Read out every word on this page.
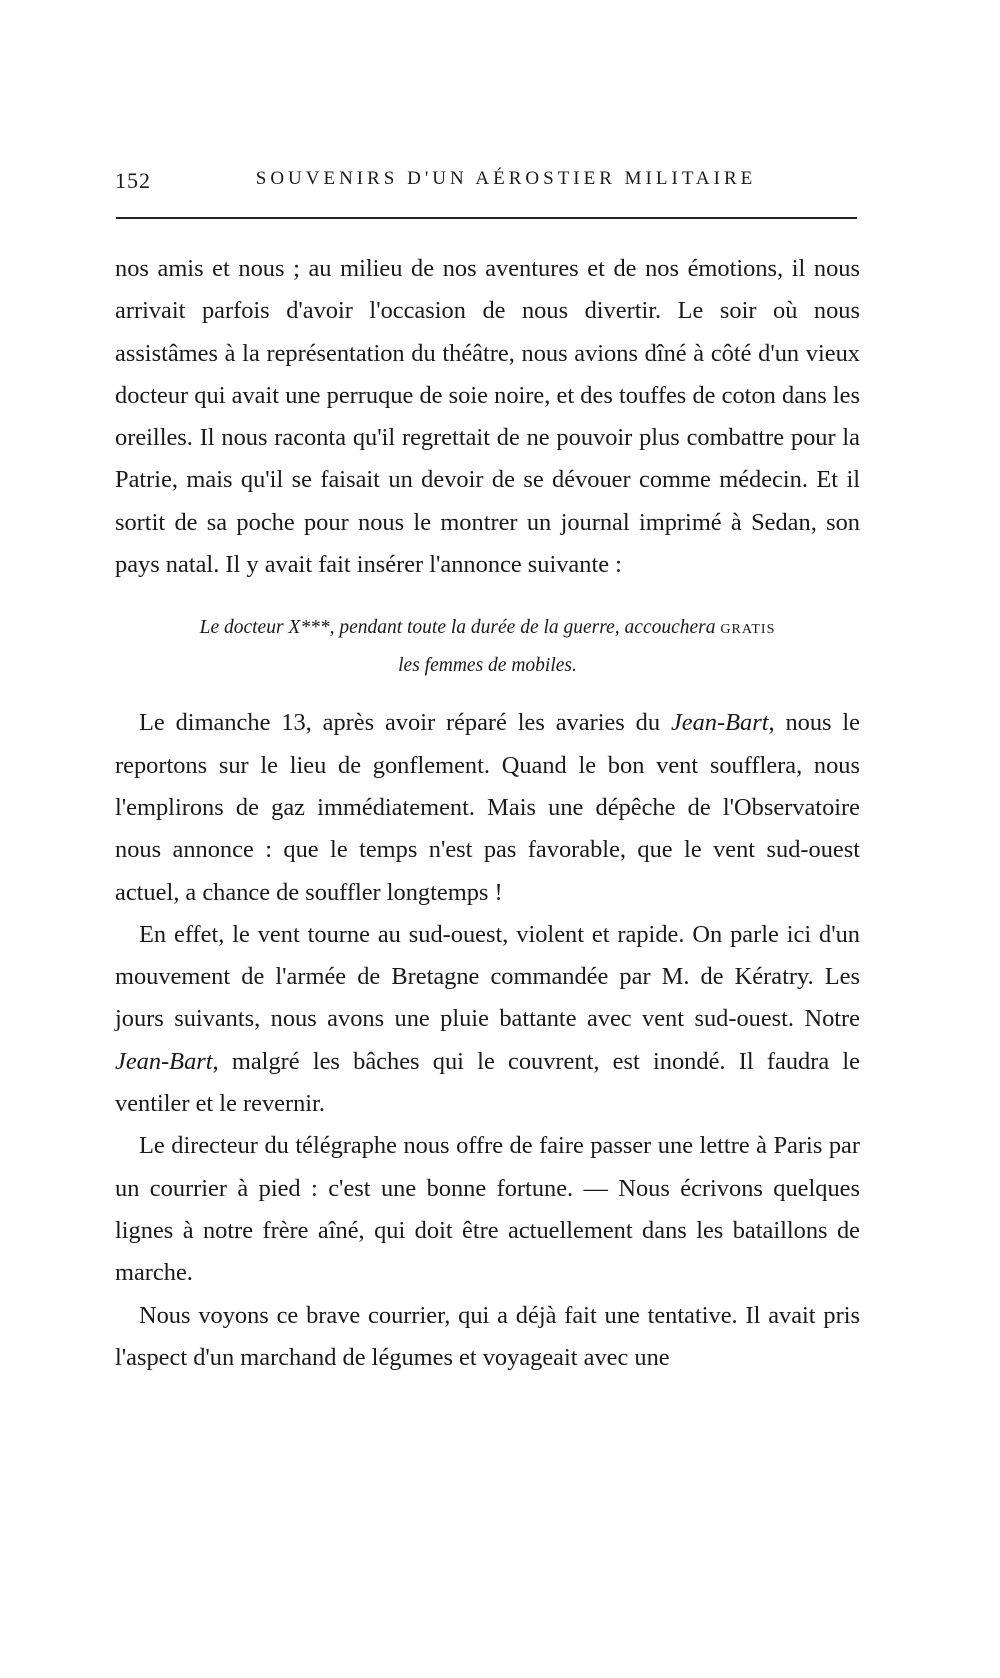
152	SOUVENIRS D'UN AÉROSTIER MILITAIRE

nos amis et nous ; au milieu de nos aventures et de nos émotions, il nous arrivait parfois d'avoir l'occasion de nous divertir. Le soir où nous assistâmes à la représentation du théâtre, nous avions dîné à côté d'un vieux docteur qui avait une perruque de soie noire, et des touffes de coton dans les oreilles. Il nous raconta qu'il regrettait de ne pouvoir plus combattre pour la Patrie, mais qu'il se faisait un devoir de se dévouer comme médecin. Et il sortit de sa poche pour nous le montrer un journal imprimé à Sedan, son pays natal. Il y avait fait insérer l'annonce suivante :

Le docteur X***, pendant toute la durée de la guerre, accouchera GRATIS
les femmes de mobiles.

Le dimanche 13, après avoir réparé les avaries du Jean-Bart, nous le reportons sur le lieu de gonflement. Quand le bon vent soufflera, nous l'emplirons de gaz immédiatement. Mais une dépêche de l'Observatoire nous annonce : que le temps n'est pas favorable, que le vent sud-ouest actuel, a chance de souffler longtemps !

En effet, le vent tourne au sud-ouest, violent et rapide. On parle ici d'un mouvement de l'armée de Bretagne commandée par M. de Kératry. Les jours suivants, nous avons une pluie battante avec vent sud-ouest. Notre Jean-Bart, malgré les bâches qui le couvrent, est inondé. Il faudra le ventiler et le revernir.

Le directeur du télégraphe nous offre de faire passer une lettre à Paris par un courrier à pied : c'est une bonne fortune. — Nous écrivons quelques lignes à notre frère aîné, qui doit être actuellement dans les bataillons de marche.

Nous voyons ce brave courrier, qui a déjà fait une tentative. Il avait pris l'aspect d'un marchand de légumes et voyageait avec une
